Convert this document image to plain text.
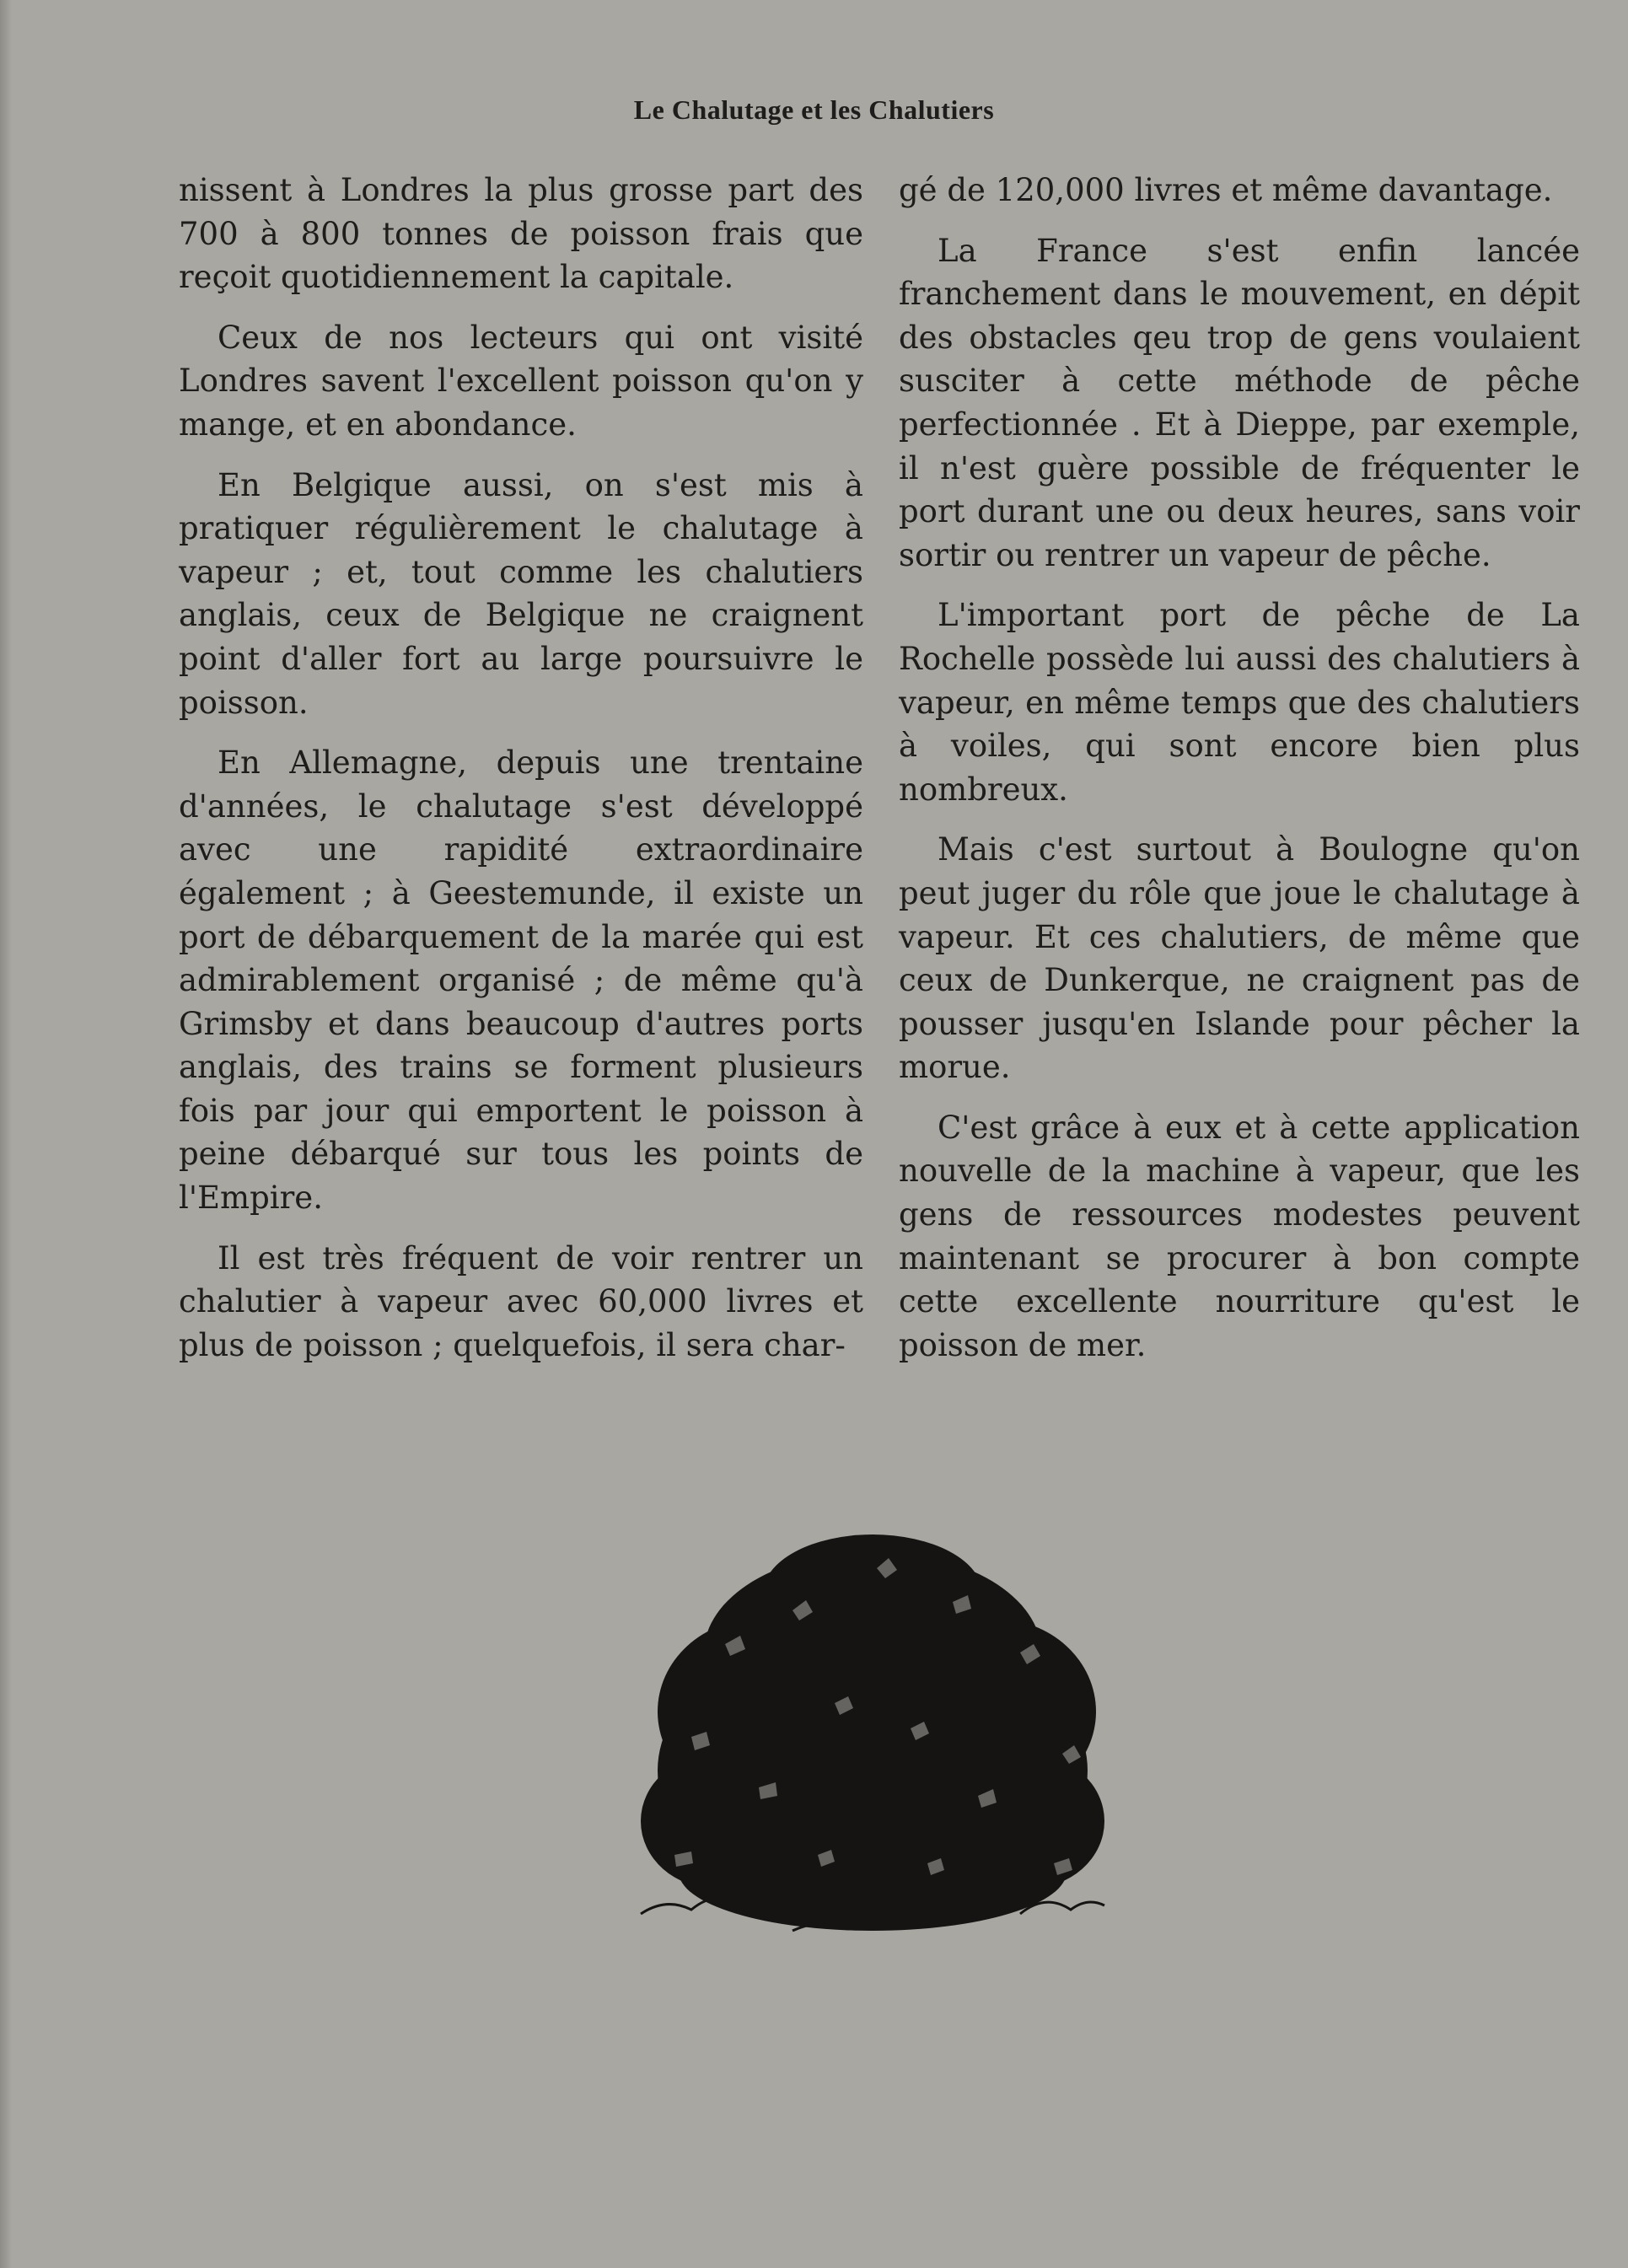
Le Chalutage et les Chalutiers

nissent à Londres la plus grosse part des 700 à 800 tonnes de poisson frais que reçoit quotidiennement la capitale.

Ceux de nos lecteurs qui ont visité Londres savent l'excellent poisson qu'on y mange, et en abondance.

En Belgique aussi, on s'est mis à pratiquer régulièrement le chalutage à vapeur ; et, tout comme les chalutiers anglais, ceux de Belgique ne craignent point d'aller fort au large poursuivre le poisson.

En Allemagne, depuis une trentaine d'années, le chalutage s'est développé avec une rapidité extraordinaire également ; à Geestemunde, il existe un port de débarquement de la marée qui est admirablement organisé ; de même qu'à Grimsby et dans beaucoup d'autres ports anglais, des trains se forment plusieurs fois par jour qui emportent le poisson à peine débarqué sur tous les points de l'Empire.

Il est très fréquent de voir rentrer un chalutier à vapeur avec 60,000 livres et plus de poisson ; quelquefois, il sera char-

gé de 120,000 livres et même davantage.

La France s'est enfin lancée franchement dans le mouvement, en dépit des obstacles qeu trop de gens voulaient susciter à cette méthode de pêche perfectionnée . Et à Dieppe, par exemple, il n'est guère possible de fréquenter le port durant une ou deux heures, sans voir sortir ou rentrer un vapeur de pêche.

L'important port de pêche de La Rochelle possède lui aussi des chalutiers à vapeur, en même temps que des chalutiers à voiles, qui sont encore bien plus nombreux.

Mais c'est surtout à Boulogne qu'on peut juger du rôle que joue le chalutage à vapeur. Et ces chalutiers, de même que ceux de Dunkerque, ne craignent pas de pousser jusqu'en Islande pour pêcher la morue.

C'est grâce à eux et à cette application nouvelle de la machine à vapeur, que les gens de ressources modestes peuvent maintenant se procurer à bon compte cette excellente nourriture qu'est le poisson de mer.
